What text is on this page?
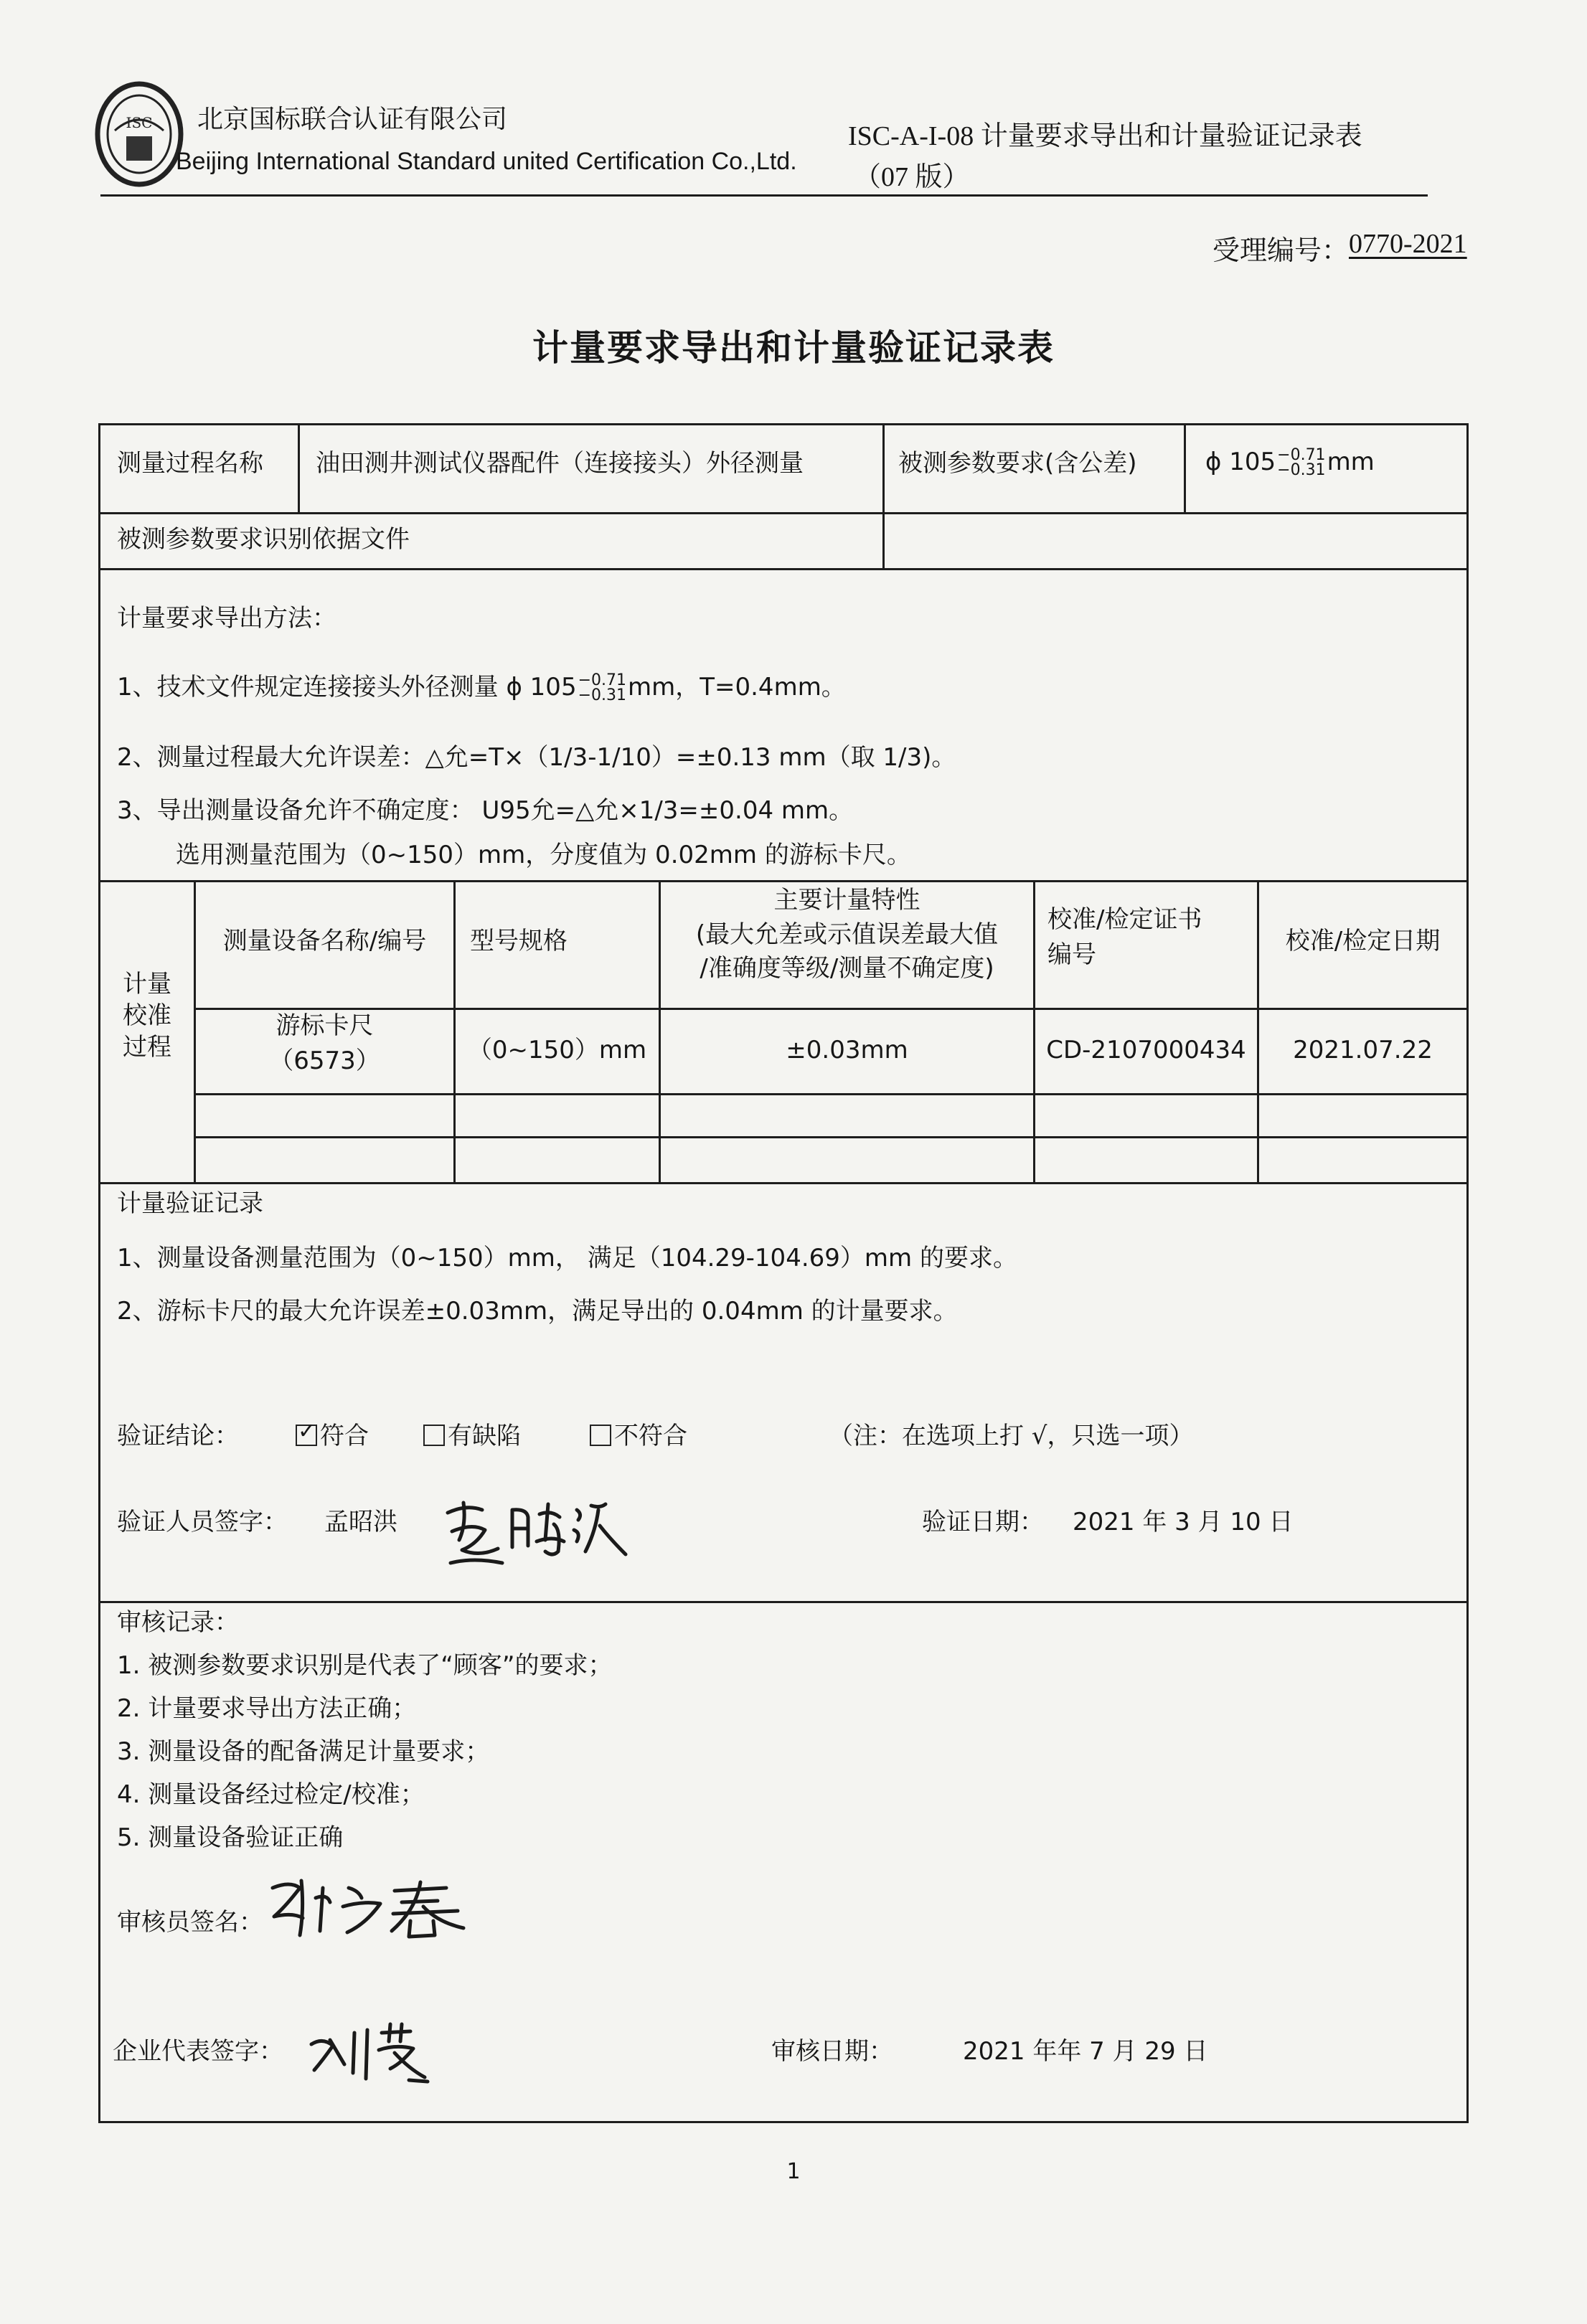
ISC 北京国标联合认证有限公司
Beijing International Standard united Certification Co.,Ltd.
ISC-A-I-08 计量要求导出和计量验证记录表
（07 版）
受理编号： 0770-2021
计量要求导出和计量验证记录表
测量过程名称 油田测井测试仪器配件（连接接头）外径测量	被测参数要求(含公差)	ϕ 105 −0.71
−0.31 mm
被测参数要求识别依据文件
计量要求导出方法：
1、技术文件规定连接接头外径测量 ϕ 105 −0.71
−0.31 mm，T=0.4mm。
2、测量过程最大允许误差：△允=T×（1/3-1/10）=±0.13 mm（取 1/3)。
3、导出测量设备允许不确定度： U95允=△允×1/3=±0.04 mm。
选用测量范围为（0~150）mm，分度值为 0.02mm 的游标卡尺。
计量
校准
过程
测量设备名称/编号	型号规格
主要计量特性
(最大允差或示值误差最大值
/准确度等级/测量不确定度)
校准/检定证书
编号	校准/检定日期
游标卡尺
（6573）	（0~150）mm	±0.03mm	CD-2107000434	2021.07.22
计量验证记录
1、测量设备测量范围为（0~150）mm， 满足（104.29-104.69）mm 的要求。
2、游标卡尺的最大允许误差±0.03mm，满足导出的 0.04mm 的计量要求。
验证结论：
✓	符合	有缺陷	不符合	（注：在选项上打 √，只选一项）
验证人员签字： 孟昭洪	验证日期： 2021 年 3 月 10 日
审核记录：
1. 被测参数要求识别是代表了“顾客”的要求；
2. 计量要求导出方法正确；
3. 测量设备的配备满足计量要求；
4. 测量设备经过检定/校准；
5. 测量设备验证正确
审核员签名：
企业代表签字：	审核日期：	2021 年年 7 月 29 日
1
